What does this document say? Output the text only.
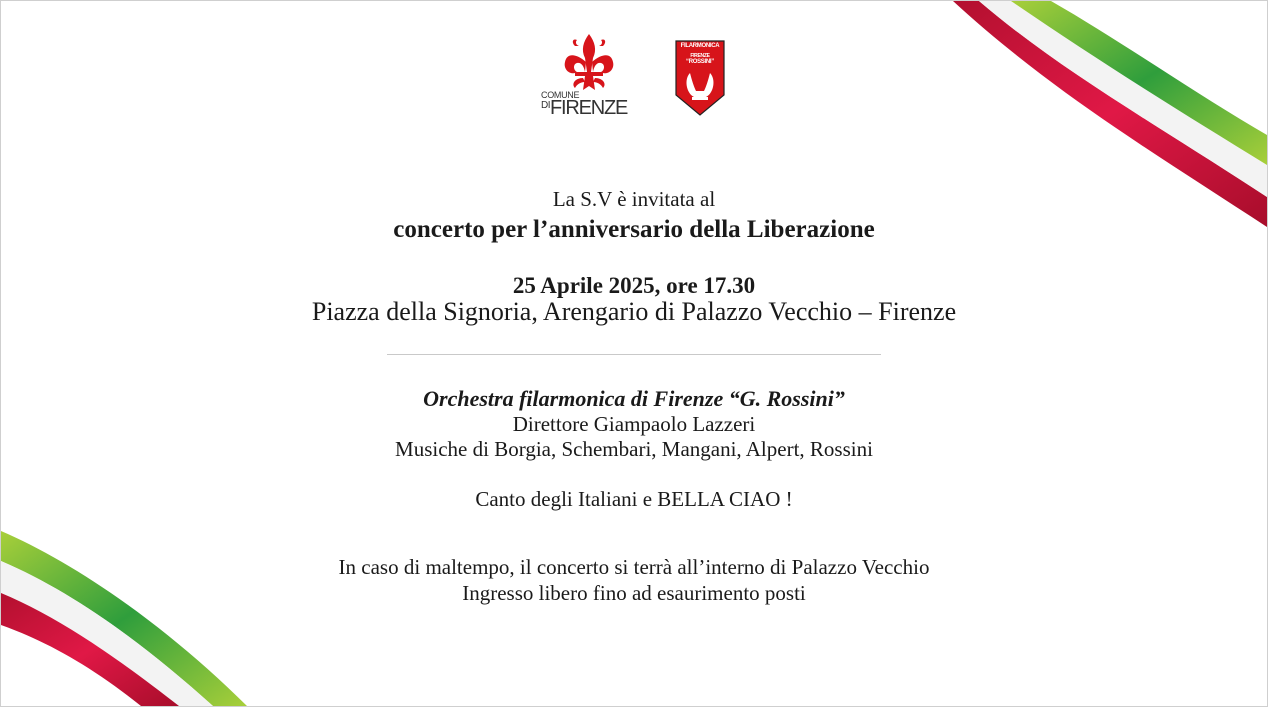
COMUNE
$^{DI}$FIRENZE
FILARMONICA
FIRENZE
“ROSSINI”
La S.V è invitata al
concerto per l’anniversario della Liberazione
25 Aprile 2025, ore 17.30
Piazza della Signoria, Arengario di Palazzo Vecchio – Firenze
Orchestra filarmonica di Firenze “G. Rossini”
Direttore Giampaolo Lazzeri
Musiche di Borgia, Schembari, Mangani, Alpert, Rossini
Canto degli Italiani e BELLA CIAO !
In caso di maltempo, il concerto si terrà all’interno di Palazzo Vecchio
Ingresso libero fino ad esaurimento posti
